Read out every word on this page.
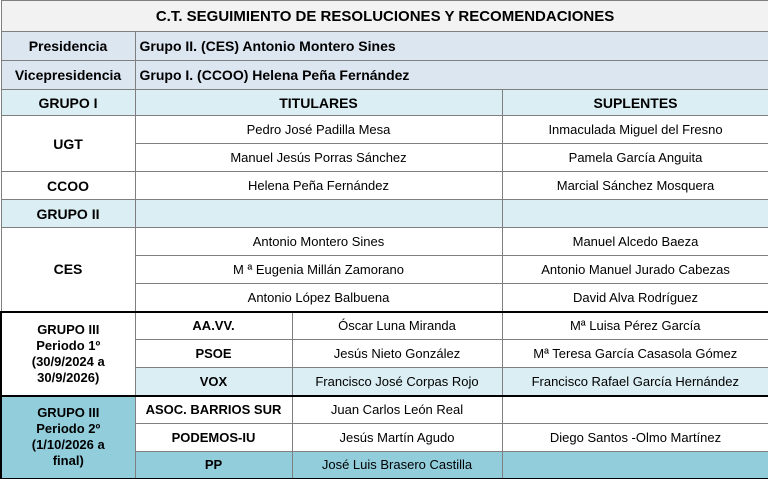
C.T. SEGUIMIENTO DE RESOLUCIONES Y RECOMENDACIONES			
Presidencia	Grupo II. (CES) Antonio Montero Sines		
Vicepresidencia	Grupo I. (CCOO) Helena Peña Fernández		
GRUPO I	TITULARES		SUPLENTES
UGT	Pedro José Padilla Mesa		Inmaculada Miguel del Fresno
	Manuel Jesús Porras Sánchez		Pamela García Anguita
CCOO	Helena Peña Fernández		Marcial Sánchez Mosquera
GRUPO II			
CES	Antonio Montero Sines		Manuel Alcedo Baeza
	M ª Eugenia Millán Zamorano		Antonio Manuel Jurado Cabezas
	Antonio López Balbuena		David Alva Rodríguez

GRUPO III
Periodo 1º
(30/9/2024 a
30/9/2026)	AA.VV.	Óscar Luna Miranda	Mª Luisa Pérez García
	PSOE	Jesús Nieto González	Mª Teresa García Casasola Gómez
	VOX	Francisco José Corpas Rojo	Francisco Rafael García Hernández

GRUPO III
Periodo 2º
(1/10/2026 a
final)	ASOC. BARRIOS SUR	Juan Carlos León Real	
	PODEMOS-IU	Jesús Martín Agudo	Diego Santos -Olmo Martínez
	PP	José Luis Brasero Castilla	
